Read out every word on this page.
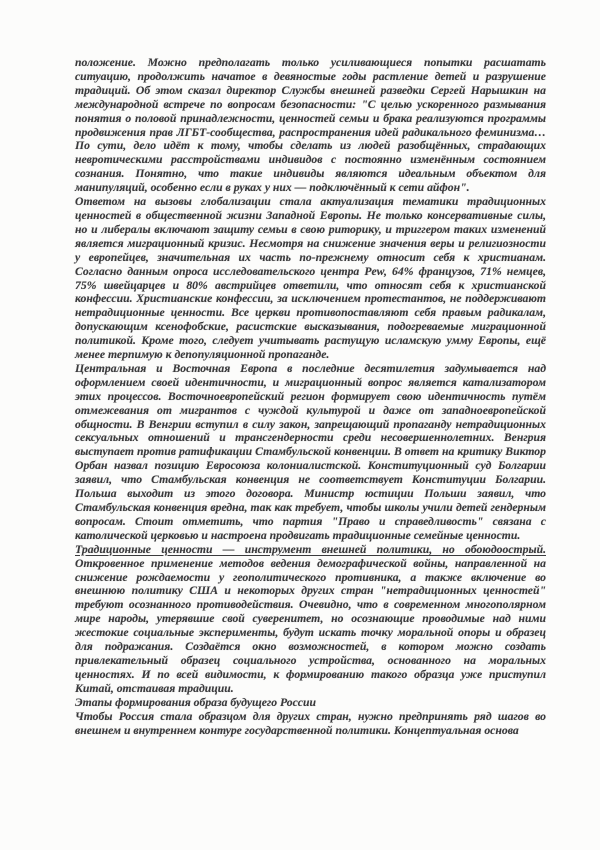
положение. Можно предполагать только усиливающиеся попытки расшатать ситуацию, продолжить начатое в девяностые годы растление детей и разрушение традиций. Об этом сказал директор Службы внешней разведки Сергей Нарышкин на международной встрече по вопросам безопасности: "С целью ускоренного размывания понятия о половой принадлежности, ценностей семьи и брака реализуются программы продвижения прав ЛГБТ-сообщества, распространения идей радикального феминизма… По сути, дело идёт к тому, чтобы сделать из людей разобщённых, страдающих невротическими расстройствами индивидов с постоянно изменённым состоянием сознания. Понятно, что такие индивиды являются идеальным объектом для манипуляций, особенно если в руках у них — подключённый к сети айфон".

Ответом на вызовы глобализации стала актуализация тематики традиционных ценностей в общественной жизни Западной Европы. Не только консервативные силы, но и либералы включают защиту семьи в свою риторику, и триггером таких изменений является миграционный кризис. Несмотря на снижение значения веры и религиозности у европейцев, значительная их часть по-прежнему относит себя к христианам. Согласно данным опроса исследовательского центра Pew, 64% французов, 71% немцев, 75% швейцарцев и 80% австрийцев ответили, что относят себя к христианской конфессии. Христианские конфессии, за исключением протестантов, не поддерживают нетрадиционные ценности. Все церкви противопоставляют себя правым радикалам, допускающим ксенофобские, расистские высказывания, подогреваемые миграционной политикой. Кроме того, следует учитывать растущую исламскую умму Европы, ещё менее терпимую к депопуляционной пропаганде.

Центральная и Восточная Европа в последние десятилетия задумывается над оформлением своей идентичности, и миграционный вопрос является катализатором этих процессов. Восточноевропейский регион формирует свою идентичность путём отмежевания от мигрантов с чуждой культурой и даже от западноевропейской общности. В Венгрии вступил в силу закон, запрещающий пропаганду нетрадиционных сексуальных отношений и трансгендерности среди несовершеннолетних. Венгрия выступает против ратификации Стамбульской конвенции. В ответ на критику Виктор Орбан назвал позицию Евросоюза колониалистской. Конституционный суд Болгарии заявил, что Стамбульская конвенция не соответствует Конституции Болгарии. Польша выходит из этого договора. Министр юстиции Польши заявил, что Стамбульская конвенция вредна, так как требует, чтобы школы учили детей гендерным вопросам. Стоит отметить, что партия "Право и справедливость" связана с католической церковью и настроена продвигать традиционные семейные ценности.

Традиционные ценности — инструмент внешней политики, но обоюдоострый.

Откровенное применение методов ведения демографической войны, направленной на снижение рождаемости у геополитического противника, а также включение во внешнюю политику США и некоторых других стран "нетрадиционных ценностей" требуют осознанного противодействия. Очевидно, что в современном многополярном мире народы, утерявшие свой суверенитет, но осознающие проводимые над ними жестокие социальные эксперименты, будут искать точку моральной опоры и образец для подражания. Создаётся окно возможностей, в котором можно создать привлекательный образец социального устройства, основанного на моральных ценностях. И по всей видимости, к формированию такого образца уже приступил Китай, отстаивая традиции.

Этапы формирования образа будущего России

Чтобы Россия стала образцом для других стран, нужно предпринять ряд шагов во внешнем и внутреннем контуре государственной политики. Концептуальная основа
